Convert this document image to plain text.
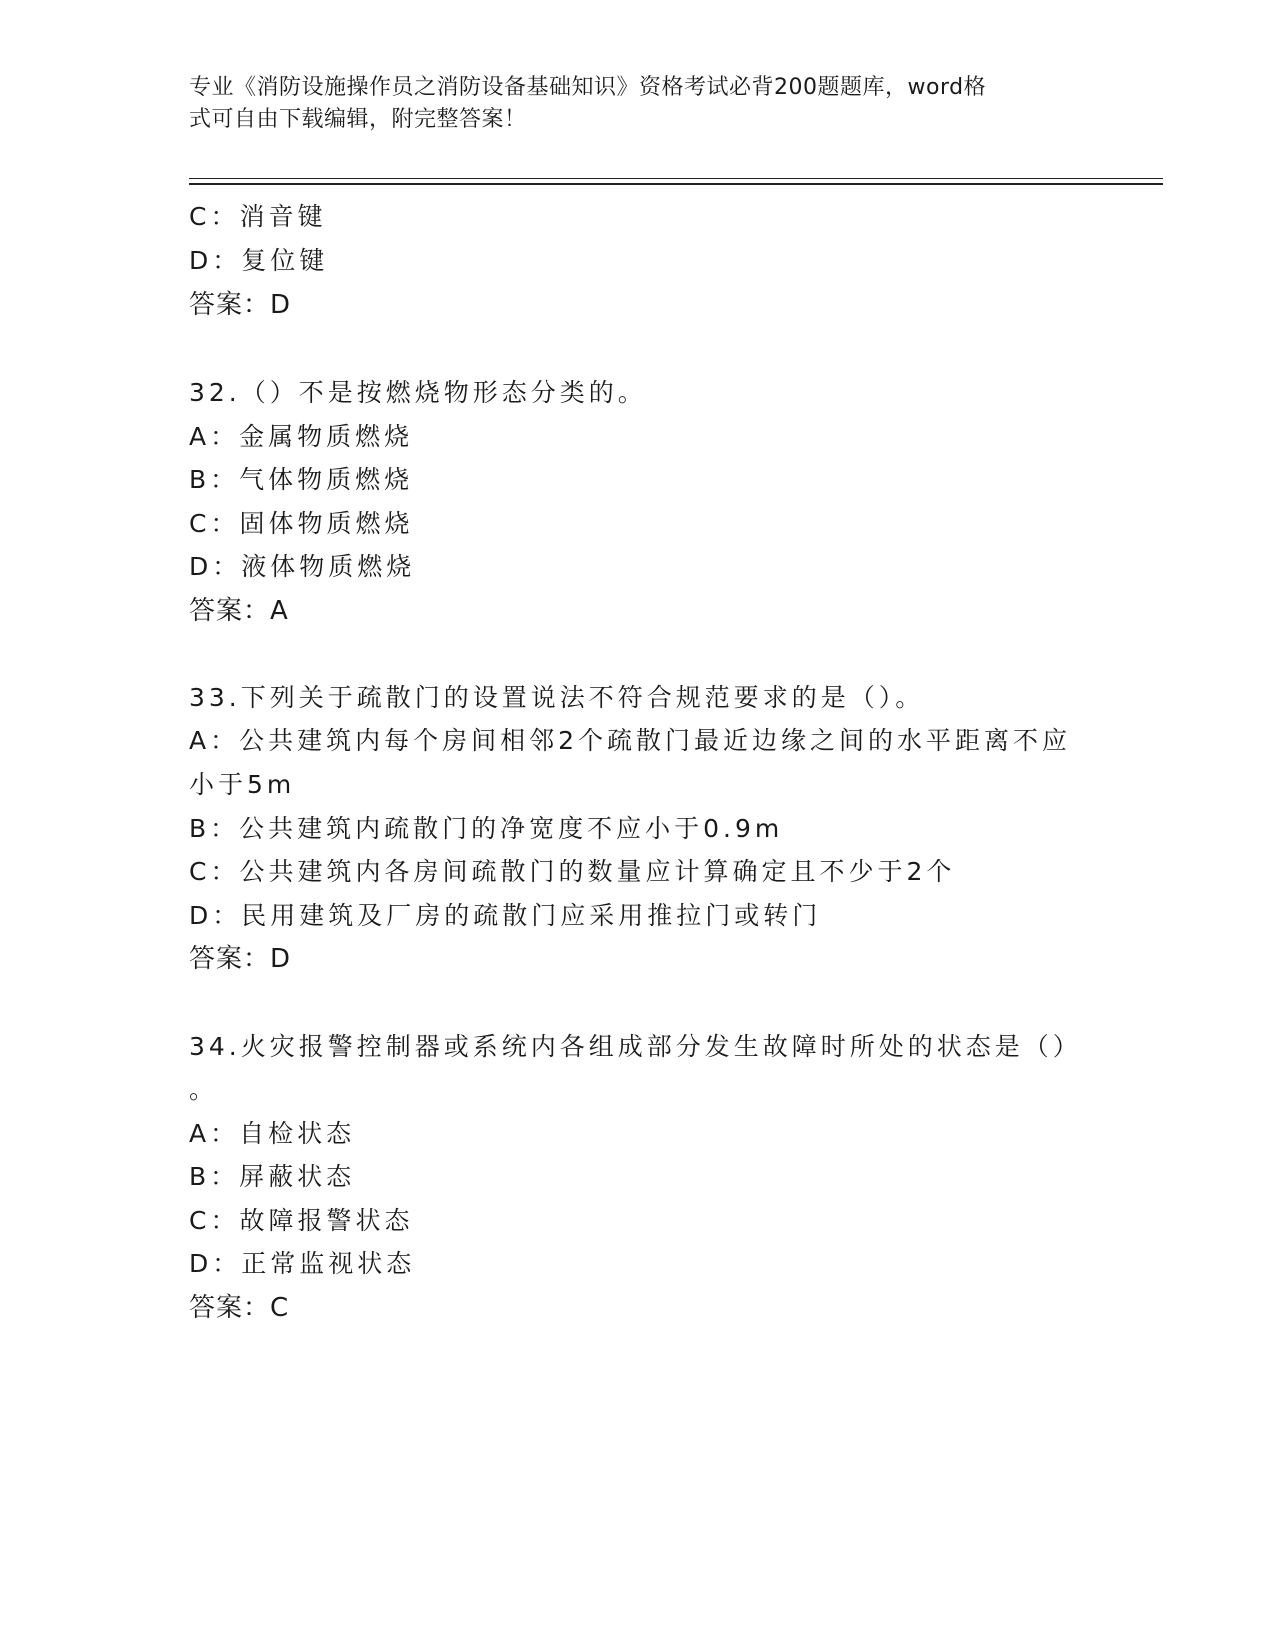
专业《消防设施操作员之消防设备基础知识》资格考试必背200题题库，word格
式可自由下载编辑，附完整答案！
C：消音键
D：复位键
答案：D
32.（）不是按燃烧物形态分类的。
A：金属物质燃烧
B：气体物质燃烧
C：固体物质燃烧
D：液体物质燃烧
答案：A
33.下列关于疏散门的设置说法不符合规范要求的是（）。
A：公共建筑内每个房间相邻2个疏散门最近边缘之间的水平距离不应
小于5m
B：公共建筑内疏散门的净宽度不应小于0.9m
C：公共建筑内各房间疏散门的数量应计算确定且不少于2个
D：民用建筑及厂房的疏散门应采用推拉门或转门
答案：D
34.火灾报警控制器或系统内各组成部分发生故障时所处的状态是（）
。
A：自检状态
B：屏蔽状态
C：故障报警状态
D：正常监视状态
答案：C
